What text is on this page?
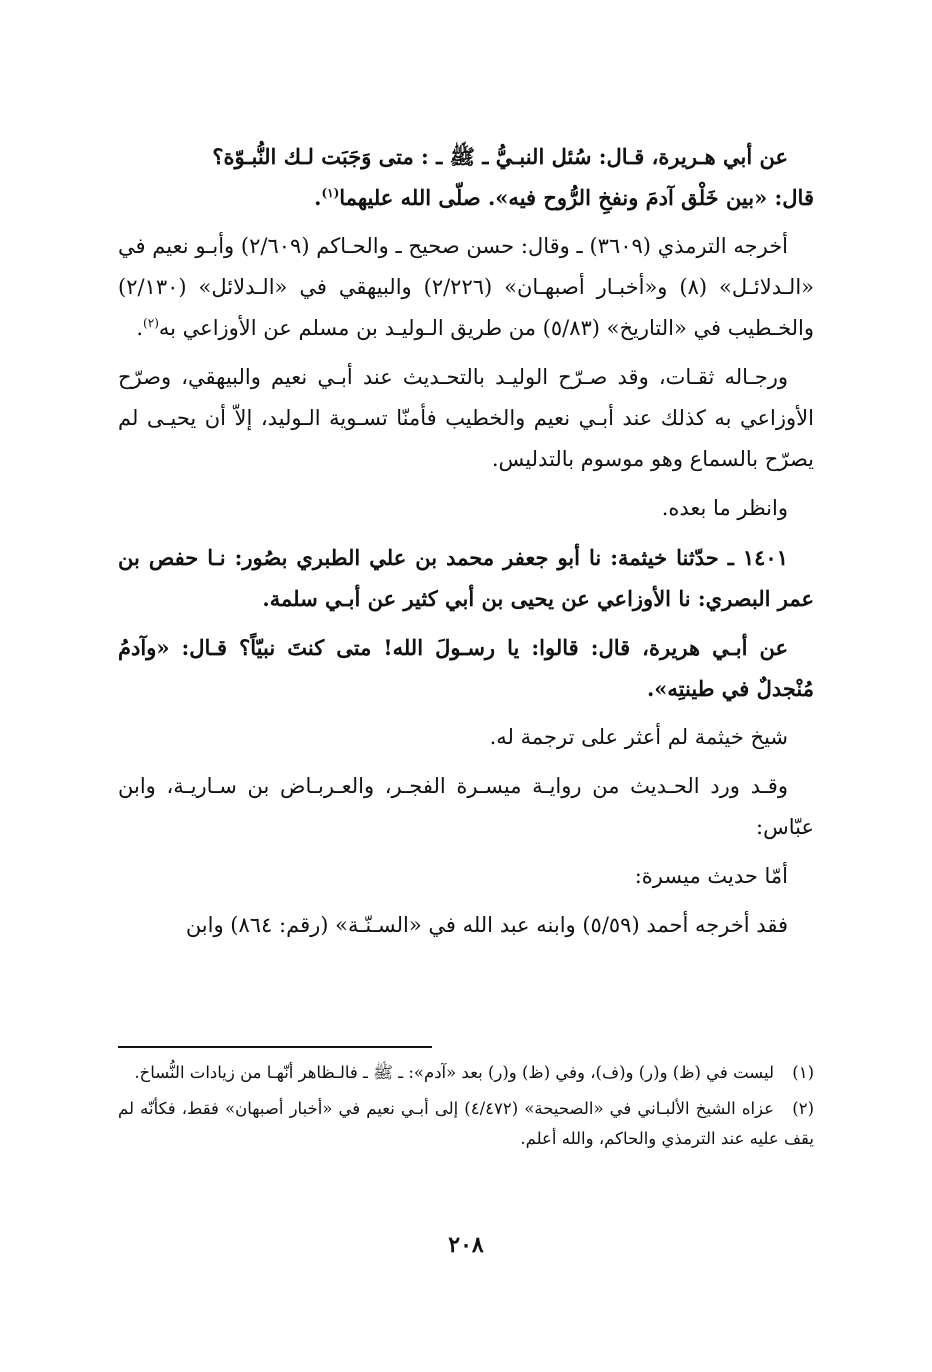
عن أبي هـريرة، قـال: سُئل النبـيُّ ـ ﷺ ـ : متى وَجَبَت لـك النُّبـوّة؟
قال: «بين خَلْق آدمَ ونفخِ الرُّوح فيه». صلّى الله عليهما$^{(١)}$.

أخرجه الترمذي (٣٦٠٩) ـ وقال: حسن صحيح ـ والحـاكم (٢/٦٠٩) وأبـو نعيم في «الـدلائـل» (٨) و«أخبـار أصبهـان» (٢/٢٢٦) والبيهقي في «الـدلائل» (٢/١٣٠) والخـطيب في «التاريخ» (٥/٨٣) من طريق الـوليـد بن مسلم عن الأوزاعي به$^{(٢)}$.

ورجـاله ثقـات، وقد صـرّح الوليـد بالتحـديث عند أبـي نعيم والبيهقي، وصرّح الأوزاعي به كذلك عند أبـي نعيم والخطيب فأمنّا تسـوية الـوليد، إلاّ أن يحيـى لم يصرّح بالسماع وهو موسوم بالتدليس.

وانظر ما بعده.

١٤٠١ ـ حدّثنا خيثمة: نا أبو جعفر محمد بن علي الطبري بصُور: نـا حفص بن عمر البصري: نا الأوزاعي عن يحيى بن أبي كثير عن أبـي سلمة.

عن أبـي هريرة، قال: قالوا: يا رسـولَ الله! متى كنتَ نبيّاً؟ قـال: «وآدمُ مُنْجدلٌ في طينتِه».

شيخ خيثمة لم أعثر على ترجمة له.

وقـد ورد الحـديث من روايـة ميسـرة الفجـر، والعـربـاض بن سـاريـة، وابن عبّاس:

أمّا حديث ميسرة:

فقد أخرجه أحمد (٥/٥٩) وابنه عبد الله في «السـنّـة» (رقم: ٨٦٤) وابن

(١)ليست في (ظ) و(ر) و(ف)، وفي (ظ) و(ر) بعد «آدم»: ـ ﷺ ـ فالـظاهر أنّهـا من زيادات النُّساخ.

(٢)عزاه الشيخ الألبـاني في «الصحيحة» (٤/٤٧٢) إلى أبـي نعيم في «أخبار أصبهان» فقط، فكأنّه لم يقف عليه عند الترمذي والحاكم، والله أعلم.

٢٠٨
